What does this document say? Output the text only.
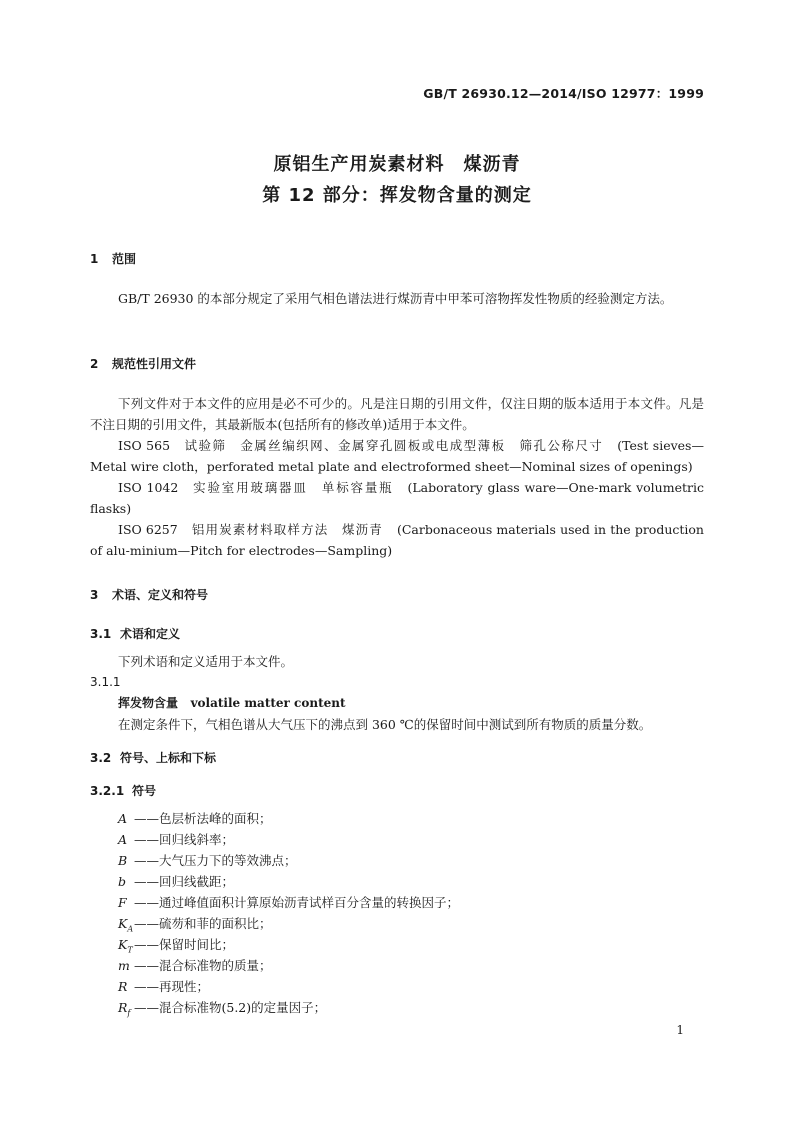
GB/T 26930.12—2014/ISO 12977：1999
原铝生产用炭素材料　煤沥青
第 12 部分：挥发物含量的测定
1 范围
GB/T 26930 的本部分规定了采用气相色谱法进行煤沥青中甲苯可溶物挥发性物质的经验测定方法。
2 规范性引用文件
下列文件对于本文件的应用是必不可少的。凡是注日期的引用文件，仅注日期的版本适用于本文件。凡是不注日期的引用文件，其最新版本(包括所有的修改单)适用于本文件。
ISO 565 试验筛　金属丝编织网、金属穿孔圆板或电成型薄板　筛孔公称尺寸 (Test sieves—Metal wire cloth，perforated metal plate and electroformed sheet—Nominal sizes of openings)
ISO 1042 实验室用玻璃器皿　单标容量瓶 (Laboratory glass ware—One-mark volumetric flasks)
ISO 6257 铝用炭素材料取样方法　煤沥青 (Carbonaceous materials used in the production of alu-minium—Pitch for electrodes—Sampling)
3 术语、定义和符号
3.1 术语和定义
下列术语和定义适用于本文件。
3.1.1
挥发物含量 volatile matter content
在测定条件下，气相色谱从大气压下的沸点到 360 ℃的保留时间中测试到所有物质的质量分数。
3.2 符号、上标和下标
3.2.1 符号
A ——色层析法峰的面积；
A ——回归线斜率；
B ——大气压力下的等效沸点；
b ——回归线截距；
F ——通过峰值面积计算原始沥青试样百分含量的转换因子；
$K_A——$硫芴和菲的面积比；
$K_T——$保留时间比；
m ——混合标准物的质量；
R ——再现性；
$R_f$ ——混合标准物(5.2)的定量因子；
1
